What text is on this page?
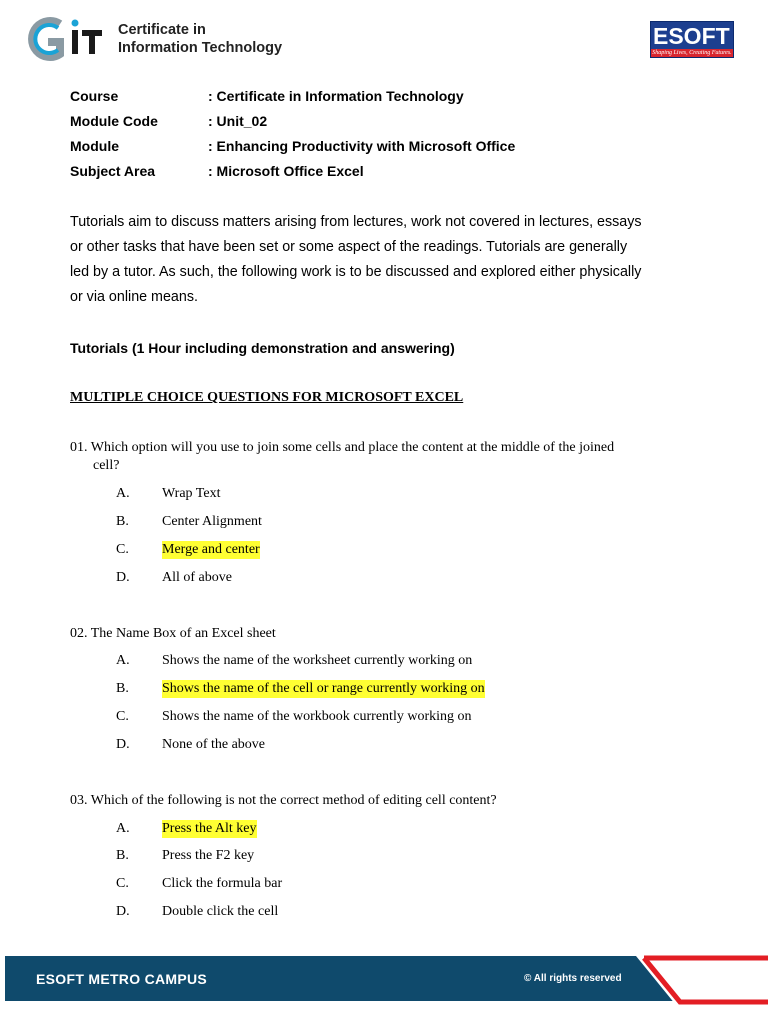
Certificate in
Information Technology	ESOFT
Shaping Lives, Creating Futures.
Course	: Certificate in Information Technology
Module Code	: Unit_02
Module	: Enhancing Productivity with Microsoft Office
Subject Area	: Microsoft Office Excel
Tutorials aim to discuss matters arising from lectures, work not covered in lectures, essays
or other tasks that have been set or some aspect of the readings. Tutorials are generally
led by a tutor. As such, the following work is to be discussed and explored either physically
or via online means.
Tutorials (1 Hour including demonstration and answering)
MULTIPLE CHOICE QUESTIONS FOR MICROSOFT EXCEL
01. Which option will you use to join some cells and place the content at the middle of the joined
cell?
A. Wrap Text
B. Center Alignment
C. Merge and center
D. All of above
02. The Name Box of an Excel sheet
A. Shows the name of the worksheet currently working on
B. Shows the name of the cell or range currently working on
C. Shows the name of the workbook currently working on
D. None of the above
03. Which of the following is not the correct method of editing cell content?
A. Press the Alt key
B. Press the F2 key
C. Click the formula bar
D. Double click the cell
ESOFT METRO CAMPUS	© All rights reserved
